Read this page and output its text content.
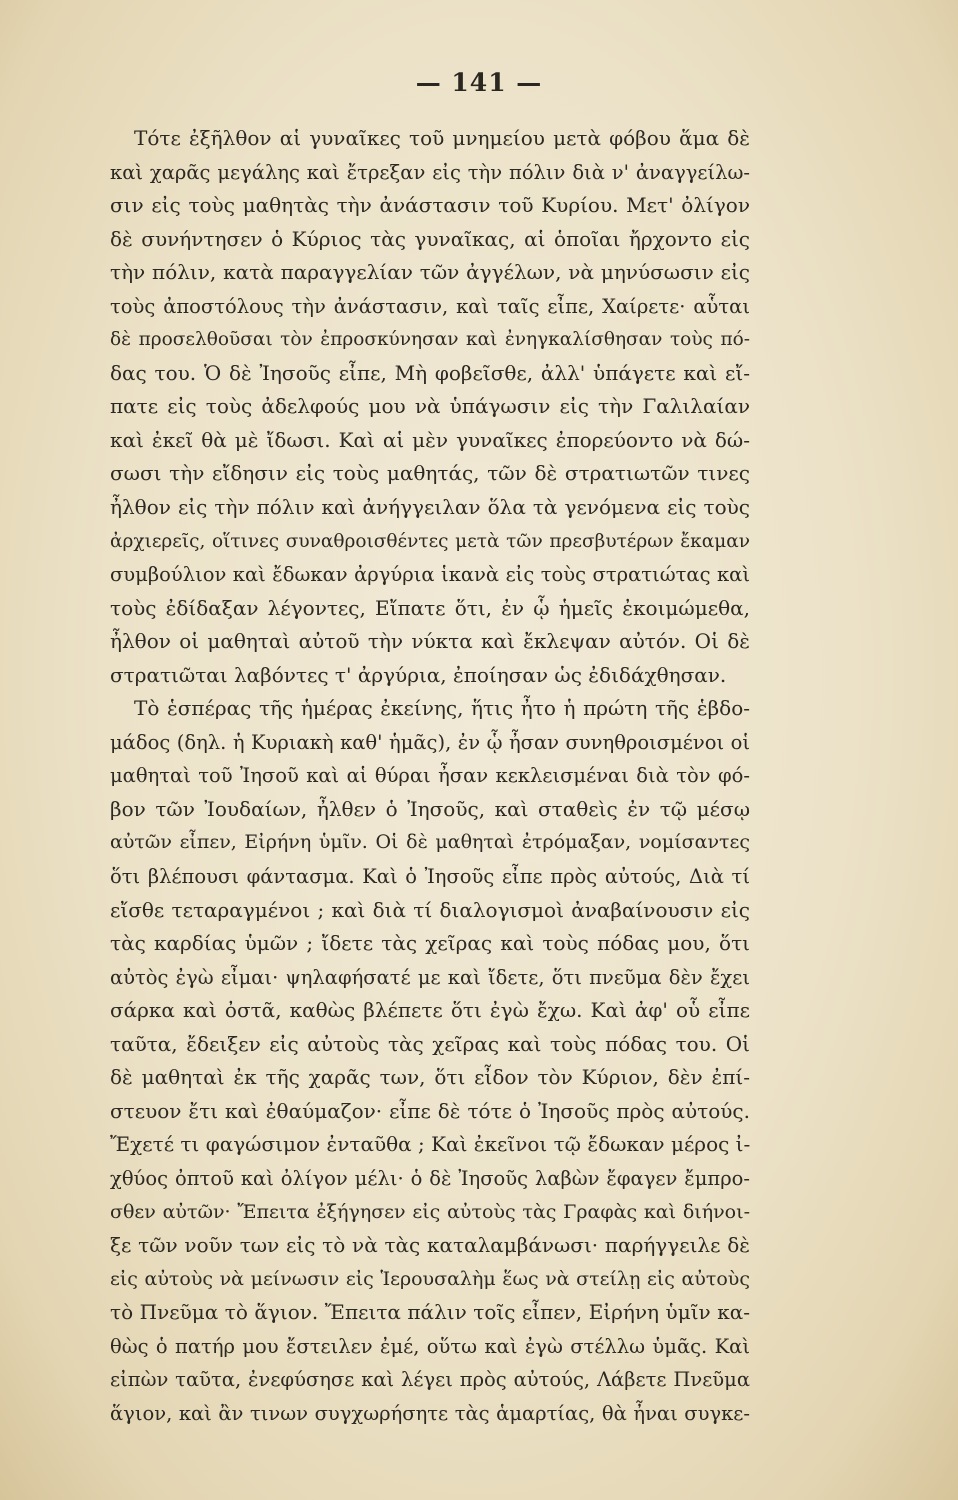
— 141 —
Τότε ἐξῆλθον αἱ γυναῖκες τοῦ μνημείου μετὰ φόβου ἅμα δὲ
καὶ χαρᾶς μεγάλης καὶ ἔτρεξαν εἰς τὴν πόλιν διὰ ν' ἀναγγείλω-
σιν εἰς τοὺς μαθητὰς τὴν ἀνάστασιν τοῦ Κυρίου. Μετ' ὀλίγον
δὲ συνήντησεν ὁ Κύριος τὰς γυναῖκας, αἱ ὁποῖαι ἤρχοντο εἰς
τὴν πόλιν, κατὰ παραγγελίαν τῶν ἀγγέλων, νὰ μηνύσωσιν εἰς
τοὺς ἀποστόλους τὴν ἀνάστασιν, καὶ ταῖς εἶπε, Χαίρετε· αὗται
δὲ προσελθοῦσαι τὸν ἐπροσκύνησαν καὶ ἐνηγκαλίσθησαν τοὺς πό-
δας του. Ὁ δὲ Ἰησοῦς εἶπε, Μὴ φοβεῖσθε, ἀλλ' ὑπάγετε καὶ εἴ-
πατε εἰς τοὺς ἀδελφούς μου νὰ ὑπάγωσιν εἰς τὴν Γαλιλαίαν
καὶ ἐκεῖ θὰ μὲ ἴδωσι. Καὶ αἱ μὲν γυναῖκες ἐπορεύοντο νὰ δώ-
σωσι τὴν εἴδησιν εἰς τοὺς μαθητάς, τῶν δὲ στρατιωτῶν τινες
ἦλθον εἰς τὴν πόλιν καὶ ἀνήγγειλαν ὅλα τὰ γενόμενα εἰς τοὺς
ἀρχιερεῖς, οἵτινες συναθροισθέντες μετὰ τῶν πρεσβυτέρων ἔκαμαν
συμβούλιον καὶ ἔδωκαν ἀργύρια ἱκανὰ εἰς τοὺς στρατιώτας καὶ
τοὺς ἐδίδαξαν λέγοντες, Εἴπατε ὅτι, ἐν ᾧ ἡμεῖς ἐκοιμώμεθα,
ἦλθον οἱ μαθηταὶ αὐτοῦ τὴν νύκτα καὶ ἔκλεψαν αὐτόν. Οἱ δὲ
στρατιῶται λαβόντες τ' ἀργύρια, ἐποίησαν ὡς ἐδιδάχθησαν.
Τὸ ἑσπέρας τῆς ἡμέρας ἐκείνης, ἥτις ἦτο ἡ πρώτη τῆς ἑβδο-
μάδος (δηλ. ἡ Κυριακὴ καθ' ἡμᾶς), ἐν ᾧ ἦσαν συνηθροισμένοι οἱ
μαθηταὶ τοῦ Ἰησοῦ καὶ αἱ θύραι ἦσαν κεκλεισμέναι διὰ τὸν φό-
βον τῶν Ἰουδαίων, ἦλθεν ὁ Ἰησοῦς, καὶ σταθεὶς ἐν τῷ μέσῳ
αὐτῶν εἶπεν, Εἰρήνη ὑμῖν. Οἱ δὲ μαθηταὶ ἐτρόμαξαν, νομίσαντες
ὅτι βλέπουσι φάντασμα. Καὶ ὁ Ἰησοῦς εἶπε πρὸς αὐτούς, Διὰ τί
εἴσθε τεταραγμένοι ; καὶ διὰ τί διαλογισμοὶ ἀναβαίνουσιν εἰς
τὰς καρδίας ὑμῶν ; ἴδετε τὰς χεῖρας καὶ τοὺς πόδας μου, ὅτι
αὐτὸς ἐγὼ εἶμαι· ψηλαφήσατέ με καὶ ἴδετε, ὅτι πνεῦμα δὲν ἔχει
σάρκα καὶ ὀστᾶ, καθὼς βλέπετε ὅτι ἐγὼ ἔχω. Καὶ ἀφ' οὗ εἶπε
ταῦτα, ἔδειξεν εἰς αὐτοὺς τὰς χεῖρας καὶ τοὺς πόδας του. Οἱ
δὲ μαθηταὶ ἐκ τῆς χαρᾶς των, ὅτι εἶδον τὸν Κύριον, δὲν ἐπί-
στευον ἔτι καὶ ἐθαύμαζον· εἶπε δὲ τότε ὁ Ἰησοῦς πρὸς αὐτούς.
Ἔχετέ τι φαγώσιμον ἐνταῦθα ; Καὶ ἐκεῖνοι τῷ ἔδωκαν μέρος ἰ-
χθύος ὀπτοῦ καὶ ὀλίγον μέλι· ὁ δὲ Ἰησοῦς λαβὼν ἔφαγεν ἔμπρο-
σθεν αὐτῶν· Ἔπειτα ἐξήγησεν εἰς αὐτοὺς τὰς Γραφὰς καὶ διήνοι-
ξε τῶν νοῦν των εἰς τὸ νὰ τὰς καταλαμβάνωσι· παρήγγειλε δὲ
εἰς αὐτοὺς νὰ μείνωσιν εἰς Ἱερουσαλὴμ ἕως νὰ στείλῃ εἰς αὐτοὺς
τὸ Πνεῦμα τὸ ἅγιον. Ἔπειτα πάλιν τοῖς εἶπεν, Εἰρήνη ὑμῖν κα-
θὼς ὁ πατήρ μου ἔστειλεν ἐμέ, οὕτω καὶ ἐγὼ στέλλω ὑμᾶς. Καὶ
εἰπὼν ταῦτα, ἐνεφύσησε καὶ λέγει πρὸς αὐτούς, Λάβετε Πνεῦμα
ἅγιον, καὶ ἂν τινων συγχωρήσητε τὰς ἁμαρτίας, θὰ ἦναι συγκε-
